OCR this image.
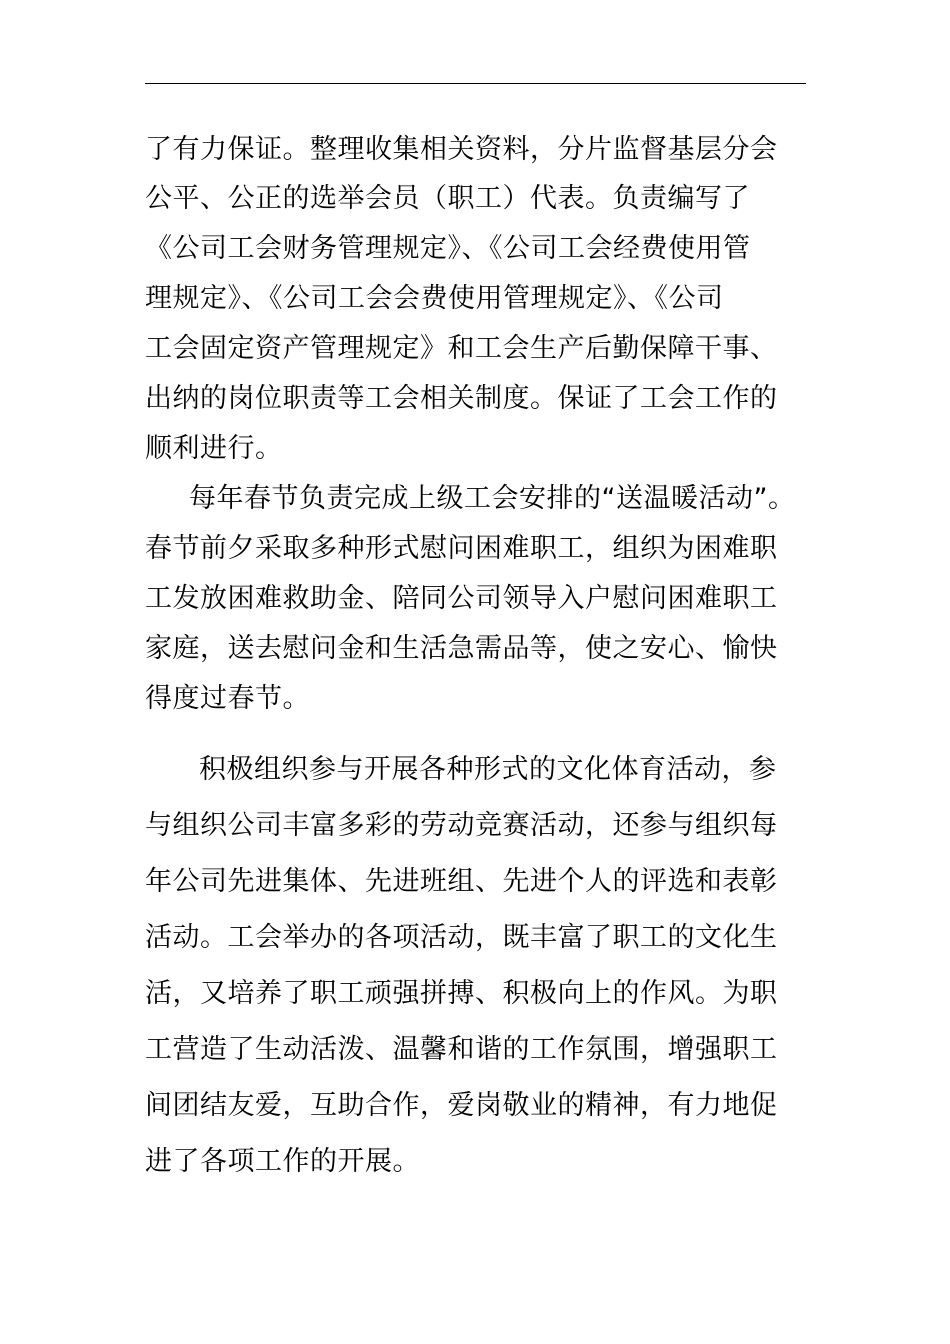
了有力保证。整理收集相关资料，分片监督基层分会
公平、公正的选举会员（职工）代表。负责编写了
《公司工会财务管理规定》、《公司工会经费使用管
理规定》、《公司工会会费使用管理规定》、《公司
工会固定资产管理规定》和工会生产后勤保障干事、
出纳的岗位职责等工会相关制度。保证了工会工作的
顺利进行。
每年春节负责完成上级工会安排的“送温暖活动”。
春节前夕采取多种形式慰问困难职工，组织为困难职
工发放困难救助金、陪同公司领导入户慰问困难职工
家庭，送去慰问金和生活急需品等，使之安心、愉快
得度过春节。
积极组织参与开展各种形式的文化体育活动，参
与组织公司丰富多彩的劳动竞赛活动，还参与组织每
年公司先进集体、先进班组、先进个人的评选和表彰
活动。工会举办的各项活动，既丰富了职工的文化生
活，又培养了职工顽强拼搏、积极向上的作风。为职
工营造了生动活泼、温馨和谐的工作氛围，增强职工
间团结友爱，互助合作，爱岗敬业的精神，有力地促
进了各项工作的开展。
